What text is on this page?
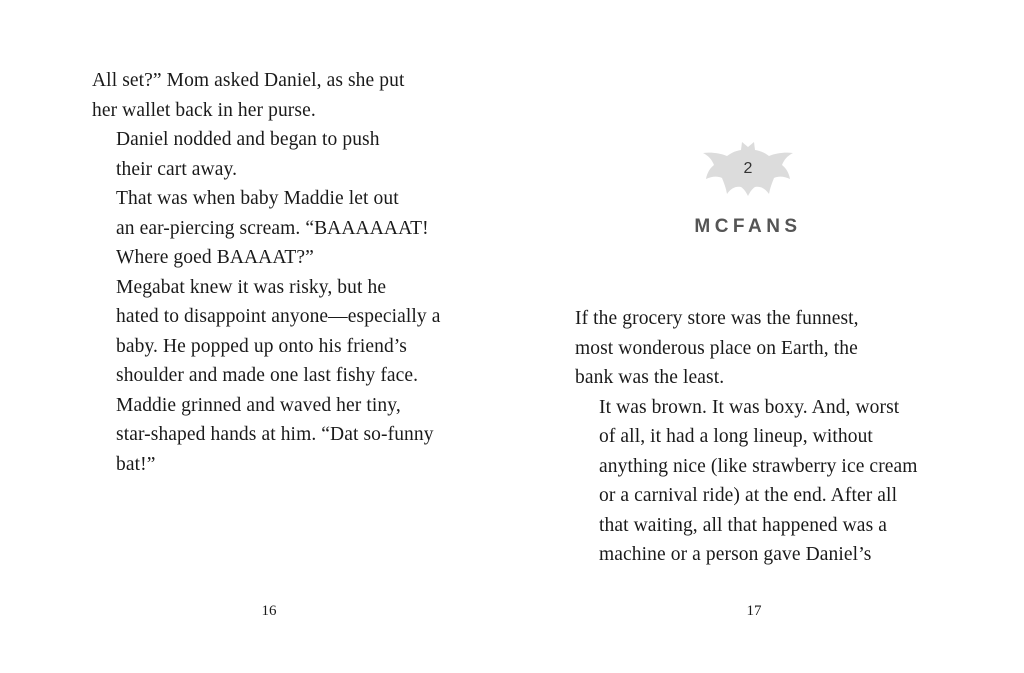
All set?” Mom asked Daniel, as she put
her wallet back in her purse.

Daniel nodded and began to push
their cart away.

That was when baby Maddie let out
an ear-piercing scream. “BAAAAAAT!
Where goed BAAAAT?”

Megabat knew it was risky, but he
hated to disappoint anyone—especially a
baby. He popped up onto his friend’s
shoulder and made one last fishy face.

Maddie grinned and waved her tiny,
star-shaped hands at him. “Dat so-funny
bat!”

16
2
MCFANS

If the grocery store was the funnest,
most wonderous place on Earth, the
bank was the least.

It was brown. It was boxy. And, worst
of all, it had a long lineup, without
anything nice (like strawberry ice cream
or a carnival ride) at the end. After all
that waiting, all that happened was a
machine or a person gave Daniel’s

17
